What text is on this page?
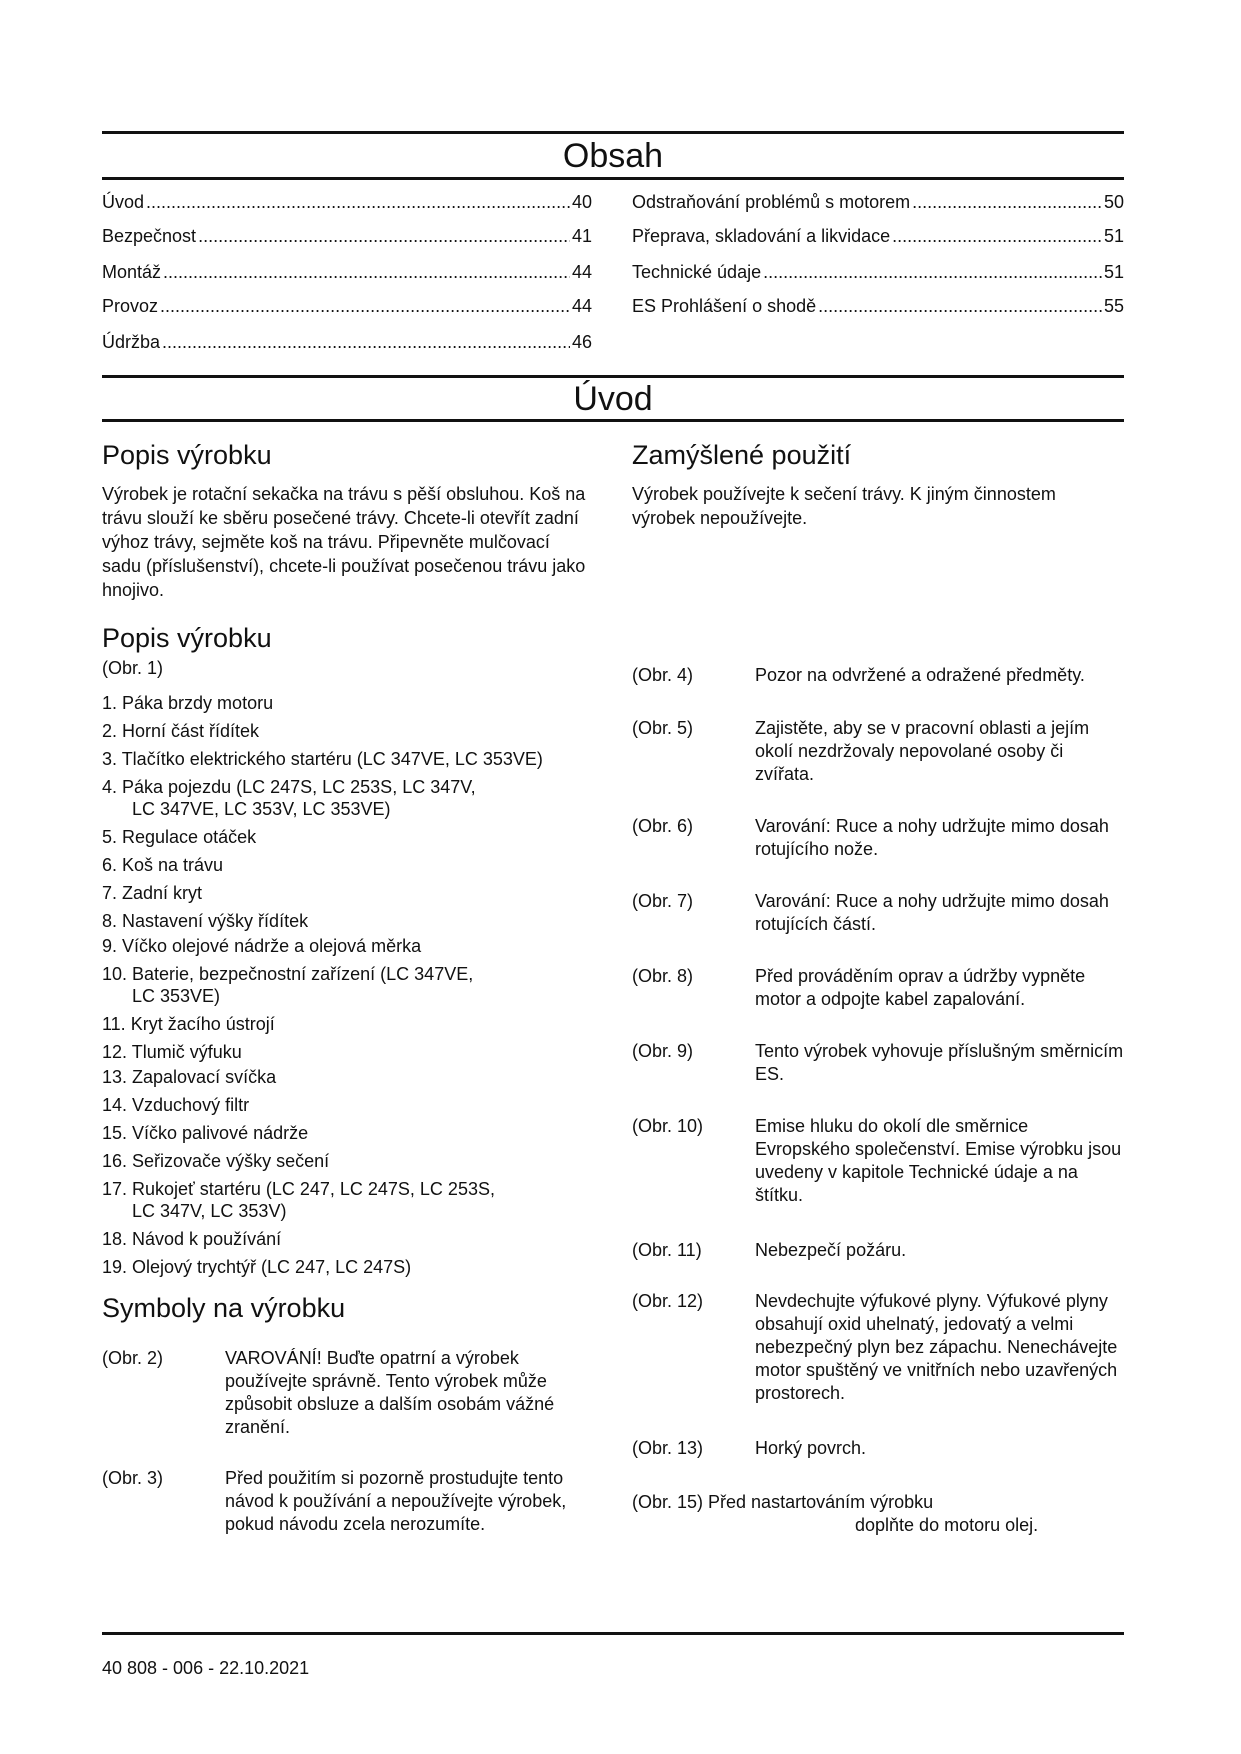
Obsah
Úvod .....	40
Bezpečnost .....	41
Montáž .....	44
Provoz .....	44
Údržba .....	46
Odstraňování problémů s motorem .....	50
Přeprava, skladování a likvidace .....	51
Technické údaje .....	51
ES Prohlášení o shodě .....	55
Úvod
Popis výrobku
Výrobek je rotační sekačka na trávu s pěší obsluhou. Koš na trávu slouží ke sběru posečené trávy. Chcete-li otevřít zadní výhoz trávy, sejměte koš na trávu. Připevněte mulčovací sadu (příslušenství), chcete-li používat posečenou trávu jako hnojivo.
Popis výrobku
(Obr. 1)
1. Páka brzdy motoru
2. Horní část řídítek
3. Tlačítko elektrického startéru (LC 347VE, LC 353VE)
4. Páka pojezdu (LC 247S, LC 253S, LC 347V,
LC 347VE, LC 353V, LC 353VE)
5. Regulace otáček
6. Koš na trávu
7. Zadní kryt
8. Nastavení výšky řídítek
9. Víčko olejové nádrže a olejová měrka
10. Baterie, bezpečnostní zařízení (LC 347VE,
LC 353VE)
11. Kryt žacího ústrojí
12. Tlumič výfuku
13. Zapalovací svíčka
14. Vzduchový filtr
15. Víčko palivové nádrže
16. Seřizovače výšky sečení
17. Rukojeť startéru (LC 247, LC 247S, LC 253S,
LC 347V, LC 353V)
18. Návod k používání
19. Olejový trychtýř (LC 247, LC 247S)
Symboly na výrobku
(Obr. 2)	VAROVÁNÍ! Buďte opatrní a výrobek používejte správně. Tento výrobek může způsobit obsluze a dalším osobám vážné zranění.
(Obr. 3)	Před použitím si pozorně prostudujte tento návod k používání a nepoužívejte výrobek, pokud návodu zcela nerozumíte.
Zamýšlené použití
Výrobek používejte k sečení trávy. K jiným činnostem výrobek nepoužívejte.
(Obr. 4)	Pozor na odvržené a odražené předměty.
(Obr. 5)	Zajistěte, aby se v pracovní oblasti a jejím okolí nezdržovaly nepovolané osoby či zvířata.
(Obr. 6)	Varování: Ruce a nohy udržujte mimo dosah rotujícího nože.
(Obr. 7)	Varování: Ruce a nohy udržujte mimo dosah rotujících částí.
(Obr. 8)	Před prováděním oprav a údržby vypněte motor a odpojte kabel zapalování.
(Obr. 9)	Tento výrobek vyhovuje příslušným směrnicím ES.
(Obr. 10)	Emise hluku do okolí dle směrnice Evropského společenství. Emise výrobku jsou uvedeny v kapitole Technické údaje a na štítku.
(Obr. 11)	Nebezpečí požáru.
(Obr. 12)	Nevdechujte výfukové plyny. Výfukové plyny obsahují oxid uhelnatý, jedovatý a velmi nebezpečný plyn bez zápachu. Nenechávejte motor spuštěný ve vnitřních nebo uzavřených prostorech.
(Obr. 13)	Horký povrch.
(Obr. 15) Před nastartováním výrobku
doplňte do motoru olej.
40 808 - 006 - 22.10.2021
